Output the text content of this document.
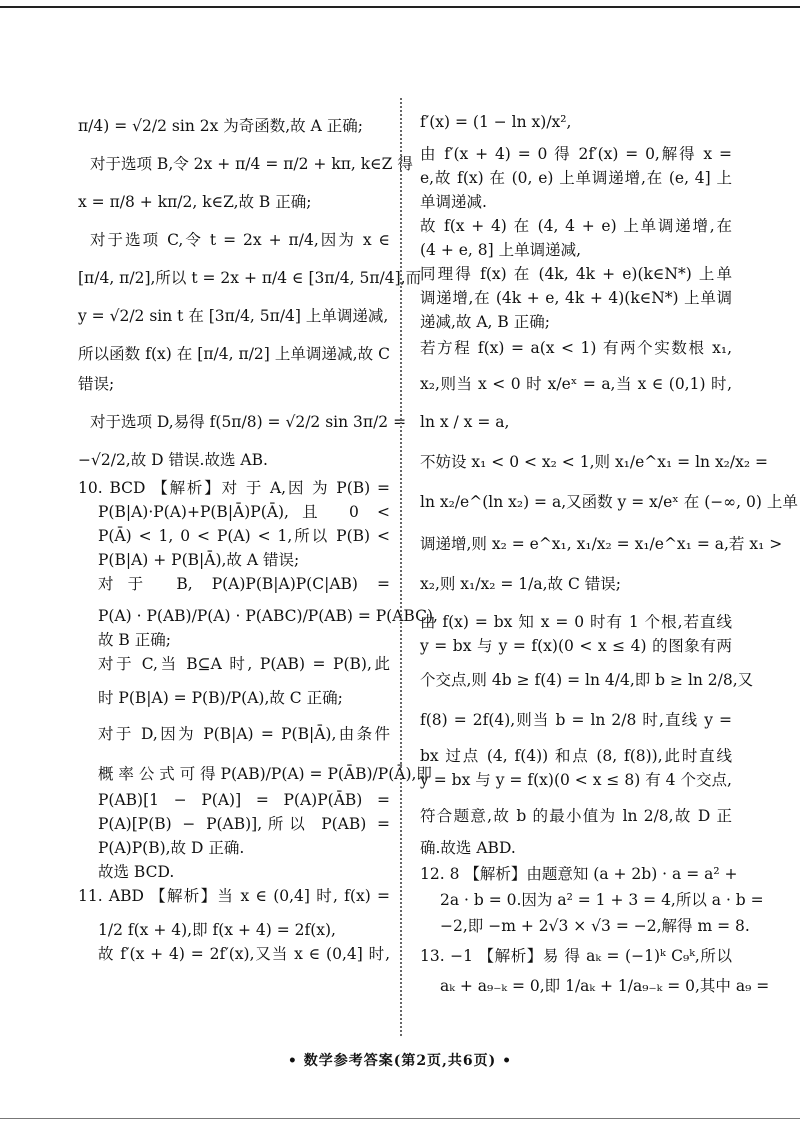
π/4) = √2/2 sin 2x 为奇函数,故 A 正确;
对于选项 B,令 2x + π/4 = π/2 + kπ, k∈Z 得
x = π/8 + kπ/2, k∈Z,故 B 正确;
对于选项 C,令 t = 2x + π/4,因为 x ∈
[π/4, π/2],所以 t = 2x + π/4 ∈ [3π/4, 5π/4],而
y = √2/2 sin t 在 [3π/4, 5π/4] 上单调递减,
所以函数 f(x) 在 [π/4, π/2] 上单调递减,故 C
错误;
对于选项 D,易得 f(5π/8) = √2/2 sin 3π/2 =
−√2/2,故 D 错误.故选 AB.
10. BCD 【解析】对 于 A,因 为 P(B) =
P(B|A)·P(A)+P(B|Ā)P(Ā),且 0 <
P(Ā) < 1, 0 < P(A) < 1,所以 P(B) <
P(B|A) + P(B|Ā),故 A 错误;
对于 B, P(A)P(B|A)P(C|AB) =
P(A) · P(AB)/P(A) · P(ABC)/P(AB) = P(ABC),
故 B 正确;
对于 C,当 B⊆A 时, P(AB) = P(B),此
时 P(B|A) = P(B)/P(A),故 C 正确;
对于 D,因为 P(B|A) = P(B|Ā),由条件
概 率 公 式 可 得 P(AB)/P(A) = P(ĀB)/P(Ā),即
P(AB)[1 − P(A)] = P(A)P(ĀB) =
P(A)[P(B) − P(AB)],所以 P(AB) =
P(A)P(B),故 D 正确.
故选 BCD.
11. ABD 【解析】当 x ∈ (0,4] 时, f(x) =
1/2 f(x + 4),即 f(x + 4) = 2f(x),
故 f′(x + 4) = 2f′(x),又当 x ∈ (0,4] 时,
f′(x) = (1 − ln x)/x²,
由 f′(x + 4) = 0 得 2f′(x) = 0,解得 x =
e,故 f(x) 在 (0, e) 上单调递增,在 (e, 4] 上
单调递减.
故 f(x + 4) 在 (4, 4 + e) 上单调递增,在
(4 + e, 8] 上单调递减,
同理得 f(x) 在 (4k, 4k + e)(k∈N*) 上单
调递增,在 (4k + e, 4k + 4)(k∈N*) 上单调
递减,故 A, B 正确;
若方程 f(x) = a(x < 1) 有两个实数根 x₁,
x₂,则当 x < 0 时 x/eˣ = a,当 x ∈ (0,1) 时,
ln x / x = a,
不妨设 x₁ < 0 < x₂ < 1,则 x₁/e^x₁ = ln x₂/x₂ =
ln x₂/e^(ln x₂) = a,又函数 y = x/eˣ 在 (−∞, 0) 上单
调递增,则 x₂ = e^x₁, x₁/x₂ = x₁/e^x₁ = a,若 x₁ >
x₂,则 x₁/x₂ = 1/a,故 C 错误;
由 f(x) = bx 知 x = 0 时有 1 个根,若直线
y = bx 与 y = f(x)(0 < x ≤ 4) 的图象有两
个交点,则 4b ≥ f(4) = ln 4/4,即 b ≥ ln 2/8,又
f(8) = 2f(4),则当 b = ln 2/8 时,直线 y =
bx 过点 (4, f(4)) 和点 (8, f(8)),此时直线
y = bx 与 y = f(x)(0 < x ≤ 8) 有 4 个交点,
符合题意,故 b 的最小值为 ln 2/8,故 D 正
确.故选 ABD.
12. 8 【解析】由题意知 (a + 2b) · a = a² +
2a · b = 0.因为 a² = 1 + 3 = 4,所以 a · b =
−2,即 −m + 2√3 × √3 = −2,解得 m = 8.
13. −1 【解析】易 得 aₖ = (−1)ᵏ C₉ᵏ,所以
aₖ + a₉₋ₖ = 0,即 1/aₖ + 1/a₉₋ₖ = 0,其中 a₉ =
• 数学参考答案(第2页,共6页) •
